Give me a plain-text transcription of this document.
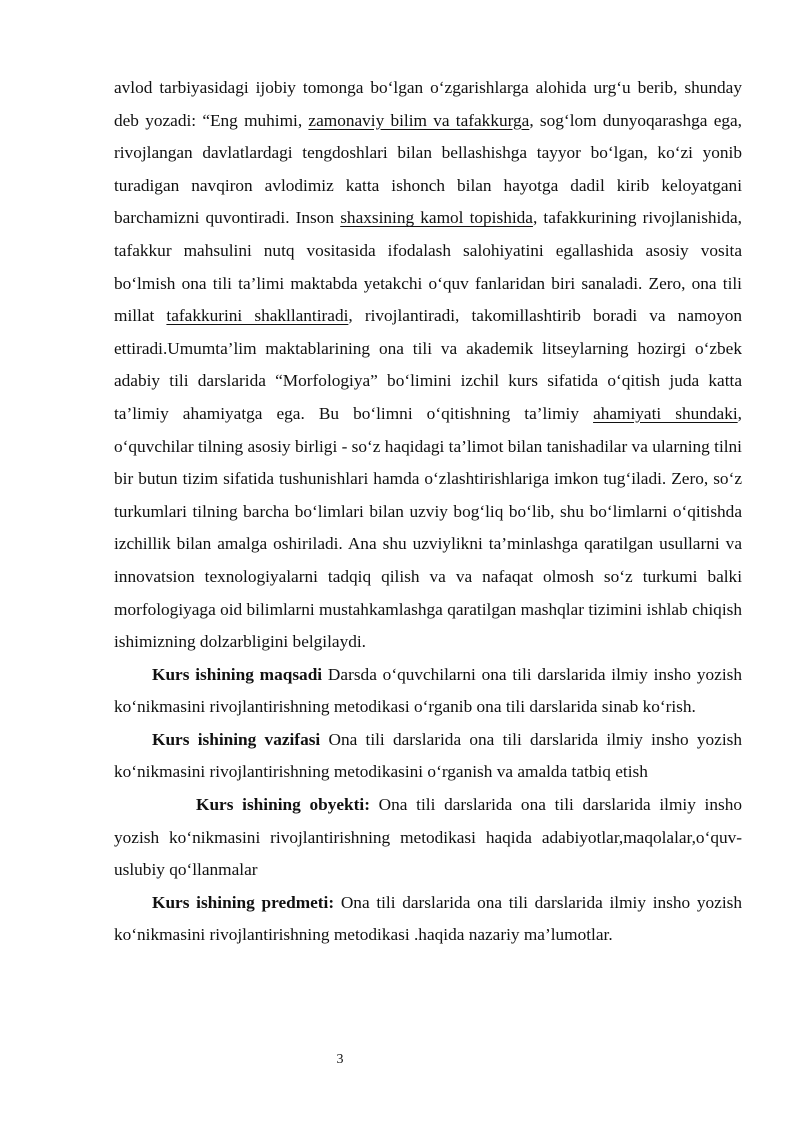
avlod tarbiyasidagi ijobiy tomonga bo‘lgan o‘zgarishlarga alohida urg‘u berib, shunday deb yozadi: “Eng muhimi, zamonaviy bilim va tafakkurga, sog‘lom dunyoqarashga ega, rivojlangan davlatlardagi tengdoshlari bilan bellashishga tayyor bo‘lgan, ko‘zi yonib turadigan navqiron avlodimiz katta ishonch bilan hayotga dadil kirib keloyatgani barchamizni quvontiradi. Inson shaxsining kamol topishida, tafakkurining rivojlanishida, tafakkur mahsulini nutq vositasida ifodalash salohiyatini egallashida asosiy vosita bo‘lmish ona tili ta’limi maktabda yetakchi o‘quv fanlaridan biri sanaladi. Zero, ona tili millat tafakkurini shakllantiradi, rivojlantiradi, takomillashtirib boradi va namoyon ettiradi.Umumta’lim maktablarining ona tili va akademik litseylarning hozirgi o‘zbek adabiy tili darslarida “Morfologiya” bo‘limini izchil kurs sifatida o‘qitish juda katta ta’limiy ahamiyatga ega. Bu bo‘limni o‘qitishning ta’limiy ahamiyati shundaki, o‘quvchilar tilning asosiy birligi - so‘z haqidagi ta’limot bilan tanishadilar va ularning tilni bir butun tizim sifatida tushunishlari hamda o‘zlashtirishlariga imkon tug‘iladi. Zero, so‘z turkumlari tilning barcha bo‘limlari bilan uzviy bog‘liq bo‘lib, shu bo‘limlarni o‘qitishda izchillik bilan amalga oshiriladi. Ana shu uzviylikni ta’minlashga qaratilgan usullarni va innovatsion texnologiyalarni tadqiq qilish va va nafaqat olmosh so‘z turkumi balki morfologiyaga oid bilimlarni mustahkamlashga qaratilgan mashqlar tizimini ishlab chiqish ishimizning dolzarbligini belgilaydi.

Kurs ishining maqsadi Darsda o‘quvchilarni ona tili darslarida ilmiy insho yozish ko‘nikmasini rivojlantirishning metodikasi o‘rganib ona tili darslarida sinab ko‘rish.

Kurs ishining vazifasi Ona tili darslarida ona tili darslarida ilmiy insho yozish ko‘nikmasini rivojlantirishning metodikasini o‘rganish va amalda tatbiq etish

Kurs ishining obyekti: Ona tili darslarida ona tili darslarida ilmiy insho yozish ko‘nikmasini rivojlantirishning metodikasi haqida adabiyotlar,maqolalar,o‘quv-uslubiy qo‘llanmalar

Kurs ishining predmeti: Ona tili darslarida ona tili darslarida ilmiy insho yozish ko‘nikmasini rivojlantirishning metodikasi .haqida nazariy ma’lumotlar.

3
